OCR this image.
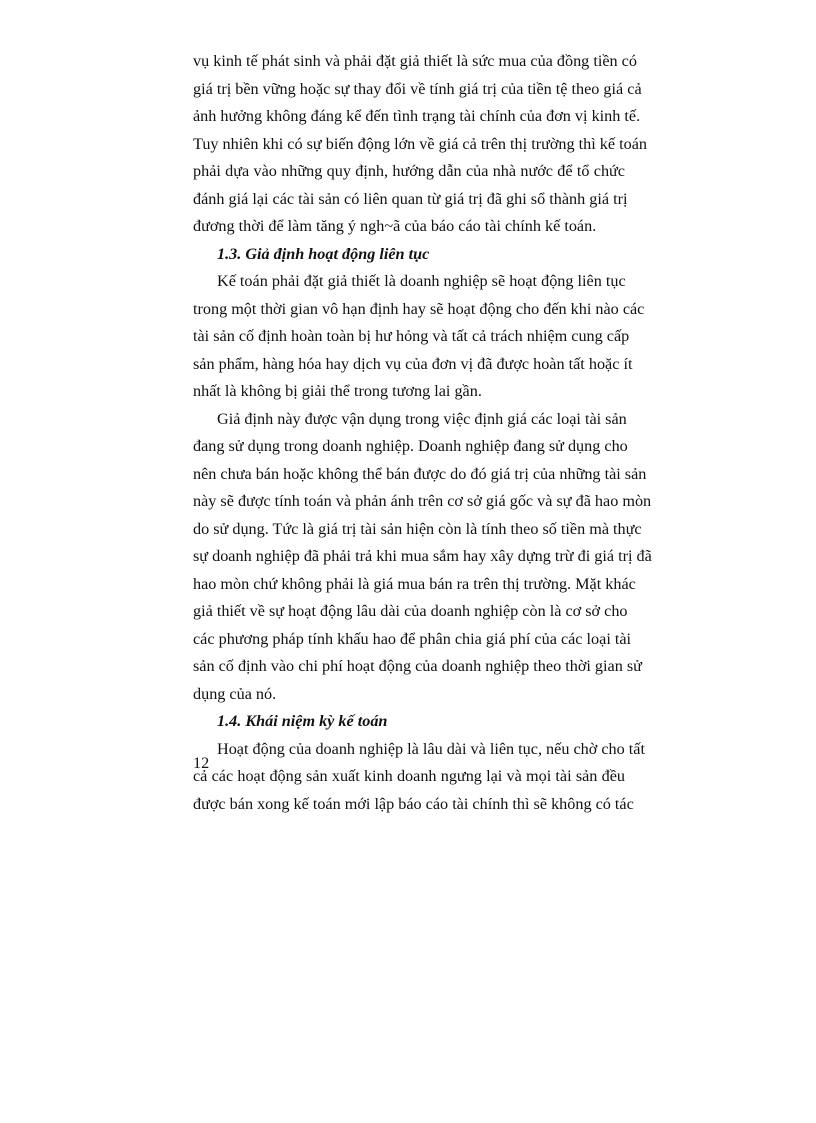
vụ kinh tế phát sinh và phải đặt giả thiết là sức mua của đồng tiền có
giá trị bền vững hoặc sự thay đổi về tính giá trị của tiền tệ theo giá cả
ảnh hưởng không đáng kể đến tình trạng tài chính của đơn vị kinh tế.
Tuy nhiên khi có sự biến động lớn về giá cả trên thị trường thì kế toán
phải dựa vào những quy định, hướng dẫn của nhà nước để tổ chức
đánh giá lại các tài sản có liên quan từ giá trị đã ghi sổ thành giá trị
đương thời để làm tăng ý ngh~ã của báo cáo tài chính kế toán.
1.3. Giả định hoạt động liên tục
Kế toán phải đặt giả thiết là doanh nghiệp sẽ hoạt động liên tục
trong một thời gian vô hạn định hay sẽ hoạt động cho đến khi nào các
tài sản cố định hoàn toàn bị hư hỏng và tất cả trách nhiệm cung cấp
sản phẩm, hàng hóa hay dịch vụ của đơn vị đã được hoàn tất hoặc ít
nhất là không bị giải thể trong tương lai gần.
Giả định này được vận dụng trong việc định giá các loại tài sản
đang sử dụng trong doanh nghiệp. Doanh nghiệp đang sử dụng cho
nên chưa bán hoặc không thể bán được do đó giá trị của những tài sản
này sẽ được tính toán và phản ánh trên cơ sở giá gốc và sự đã hao mòn
do sử dụng. Tức là giá trị tài sản hiện còn là tính theo số tiền mà thực
sự doanh nghiệp đã phải trả khi mua sắm hay xây dựng trừ đi giá trị đã
hao mòn chứ không phải là giá mua bán ra trên thị trường. Mặt khác
giả thiết về sự hoạt động lâu dài của doanh nghiệp còn là cơ sở cho
các phương pháp tính khấu hao để phân chia giá phí của các loại tài
sản cố định vào chi phí hoạt động của doanh nghiệp theo thời gian sử
dụng của nó.
1.4. Khái niệm kỳ kế toán
Hoạt động của doanh nghiệp là lâu dài và liên tục, nếu chờ cho tất
cả các hoạt động sản xuất kinh doanh ngưng lại và mọi tài sản đều
được bán xong kế toán mới lập báo cáo tài chính thì sẽ không có tác
12
